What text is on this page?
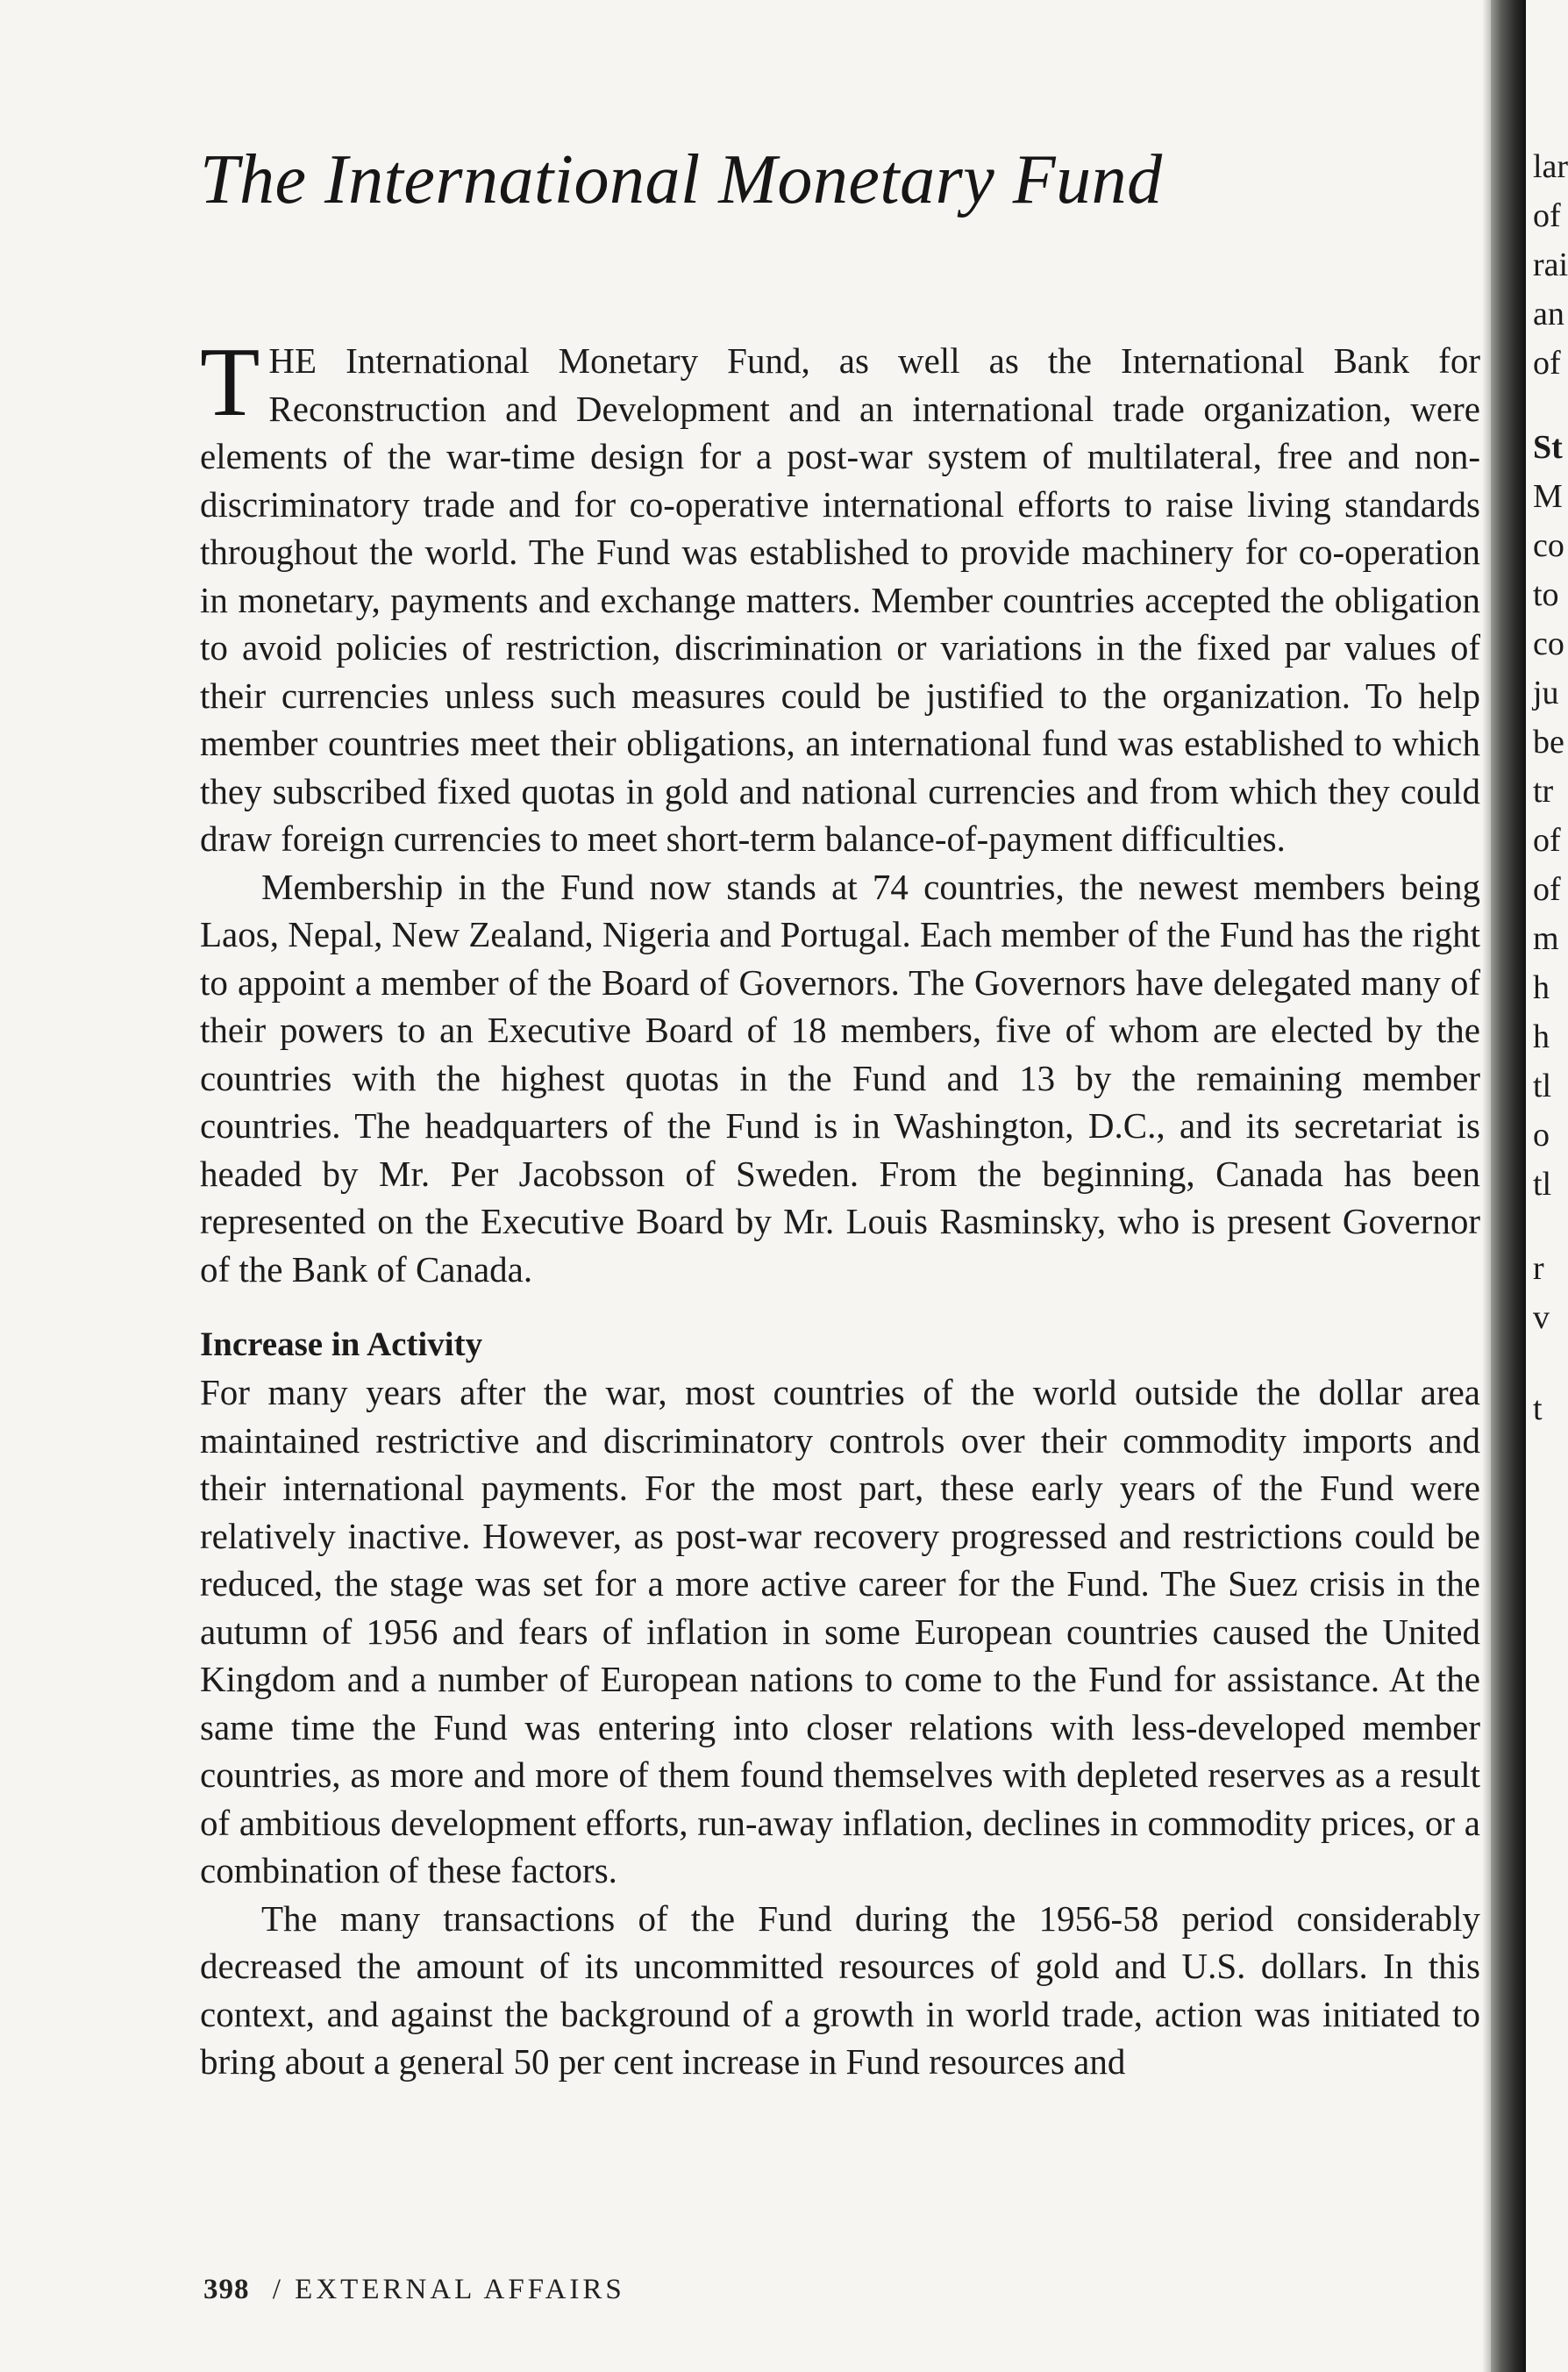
The International Monetary Fund

THE International Monetary Fund, as well as the International Bank for Reconstruction and Development and an international trade organization, were elements of the war-time design for a post-war system of multilateral, free and non-discriminatory trade and for co-operative international efforts to raise living standards throughout the world. The Fund was established to provide machinery for co-operation in monetary, payments and exchange matters. Member countries accepted the obligation to avoid policies of restriction, discrimination or variations in the fixed par values of their currencies unless such measures could be justified to the organization. To help member countries meet their obligations, an international fund was established to which they subscribed fixed quotas in gold and national currencies and from which they could draw foreign currencies to meet short-term balance-of-payment difficulties.

Membership in the Fund now stands at 74 countries, the newest members being Laos, Nepal, New Zealand, Nigeria and Portugal. Each member of the Fund has the right to appoint a member of the Board of Governors. The Governors have delegated many of their powers to an Executive Board of 18 members, five of whom are elected by the countries with the highest quotas in the Fund and 13 by the remaining member countries. The headquarters of the Fund is in Washington, D.C., and its secretariat is headed by Mr. Per Jacobsson of Sweden. From the beginning, Canada has been represented on the Executive Board by Mr. Louis Rasminsky, who is present Governor of the Bank of Canada.

Increase in Activity

For many years after the war, most countries of the world outside the dollar area maintained restrictive and discriminatory controls over their commodity imports and their international payments. For the most part, these early years of the Fund were relatively inactive. However, as post-war recovery progressed and restrictions could be reduced, the stage was set for a more active career for the Fund. The Suez crisis in the autumn of 1956 and fears of inflation in some European countries caused the United Kingdom and a number of European nations to come to the Fund for assistance. At the same time the Fund was entering into closer relations with less-developed member countries, as more and more of them found themselves with depleted reserves as a result of ambitious development efforts, run-away inflation, declines in commodity prices, or a combination of these factors.

The many transactions of the Fund during the 1956-58 period considerably decreased the amount of its uncommitted resources of gold and U.S. dollars. In this context, and against the background of a growth in world trade, action was initiated to bring about a general 50 per cent increase in Fund resources and

398 / EXTERNAL AFFAIRS
lar
of
rai
an
of
St
M
co
to
co
ju
be
tr
of
of
m
h
h
tl
o
tl
r
v
t
